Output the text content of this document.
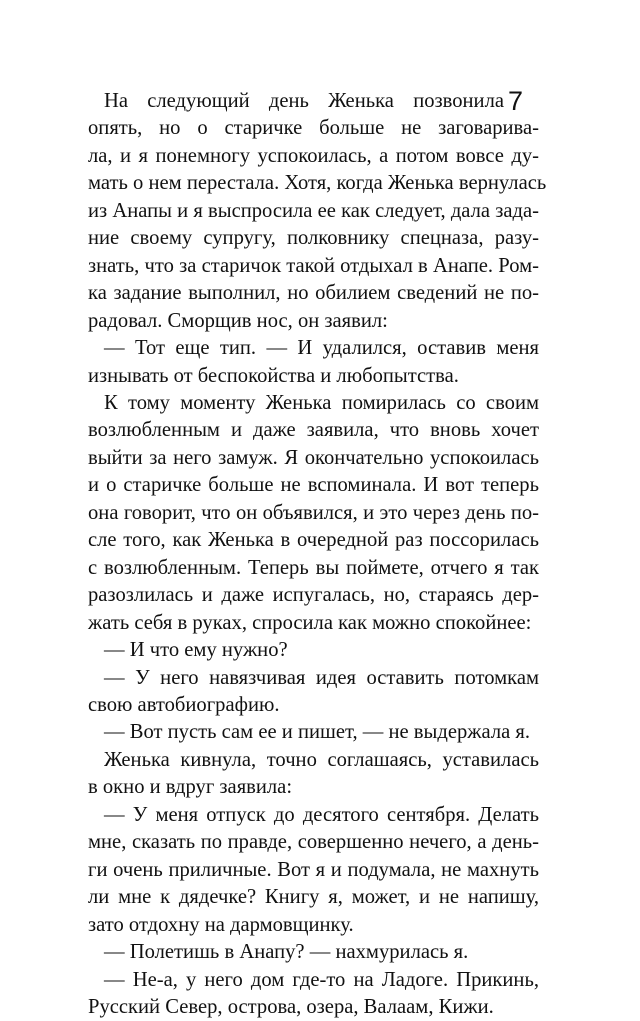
7
На следующий день Женька позвонила
опять, но о старичке больше не заговарива-
ла, и я понемногу успокоилась, а потом вовсе ду-
мать о нем перестала. Хотя, когда Женька вернулась
из Анапы и я выспросила ее как следует, дала зада-
ние своему супругу, полковнику спецназа, разу-
знать, что за старичок такой отдыхал в Анапе. Ром-
ка задание выполнил, но обилием сведений не по-
радовал. Сморщив нос, он заявил:
— Тот еще тип. — И удалился, оставив меня
изнывать от беспокойства и любопытства.
К тому моменту Женька помирилась со своим
возлюбленным и даже заявила, что вновь хочет
выйти за него замуж. Я окончательно успокоилась
и о старичке больше не вспоминала. И вот теперь
она говорит, что он объявился, и это через день по-
сле того, как Женька в очередной раз поссорилась
с возлюбленным. Теперь вы поймете, отчего я так
разозлилась и даже испугалась, но, стараясь дер-
жать себя в руках, спросила как можно спокойнее:
— И что ему нужно?
— У него навязчивая идея оставить потомкам
свою автобиографию.
— Вот пусть сам ее и пишет, — не выдержала я.
Женька кивнула, точно соглашаясь, уставилась
в окно и вдруг заявила:
— У меня отпуск до десятого сентября. Делать
мне, сказать по правде, совершенно нечего, а день-
ги очень приличные. Вот я и подумала, не махнуть
ли мне к дядечке? Книгу я, может, и не напишу,
зато отдохну на дармовщинку.
— Полетишь в Анапу? — нахмурилась я.
— Не-а, у него дом где-то на Ладоге. Прикинь,
Русский Север, острова, озера, Валаам, Кижи.
